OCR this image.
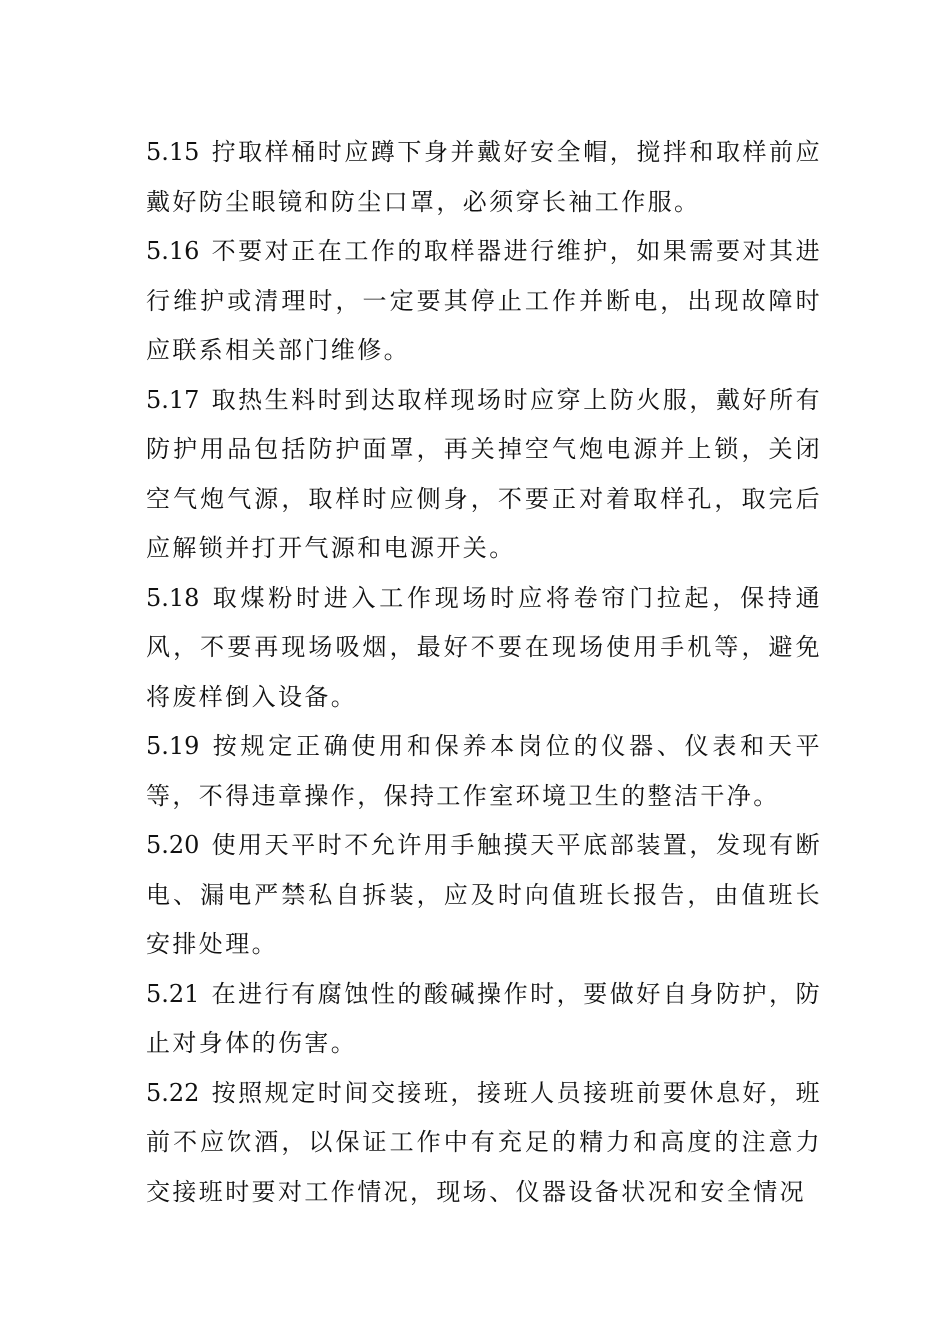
5.15 拧取样桶时应蹲下身并戴好安全帽，搅拌和取样前应戴好防尘眼镜和防尘口罩，必须穿长袖工作服。

5.16 不要对正在工作的取样器进行维护，如果需要对其进行维护或清理时，一定要其停止工作并断电，出现故障时应联系相关部门维修。

5.17 取热生料时到达取样现场时应穿上防火服，戴好所有防护用品包括防护面罩，再关掉空气炮电源并上锁，关闭空气炮气源，取样时应侧身，不要正对着取样孔，取完后应解锁并打开气源和电源开关。

5.18 取煤粉时进入工作现场时应将卷帘门拉起，保持通风，不要再现场吸烟，最好不要在现场使用手机等，避免将废样倒入设备。

5.19 按规定正确使用和保养本岗位的仪器、仪表和天平等，不得违章操作，保持工作室环境卫生的整洁干净。

5.20 使用天平时不允许用手触摸天平底部装置，发现有断电、漏电严禁私自拆装，应及时向值班长报告，由值班长安排处理。

5.21 在进行有腐蚀性的酸碱操作时，要做好自身防护，防止对身体的伤害。

5.22 按照规定时间交接班，接班人员接班前要休息好，班前不应饮酒，以保证工作中有充足的精力和高度的注意力交接班时要对工作情况，现场、仪器设备状况和安全情况
